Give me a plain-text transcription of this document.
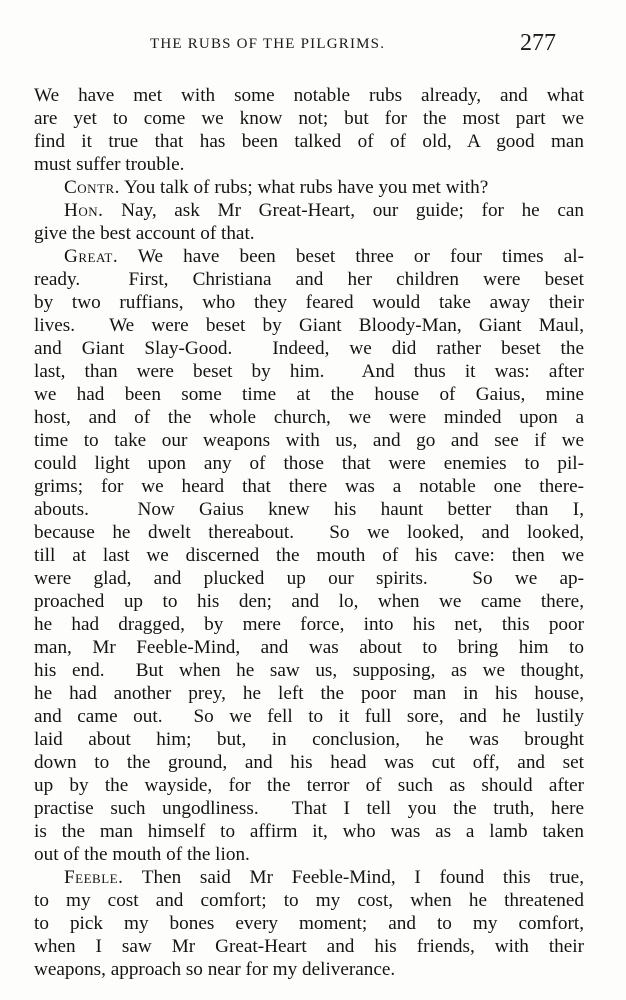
THE RUBS OF THE PILGRIMS.	277
We have met with some notable rubs already, and what
are yet to come we know not; but for the most part we
find it true that has been talked of of old, A good man
must suffer trouble.
Contr. You talk of rubs; what rubs have you met with?
Hon. Nay, ask Mr Great-Heart, our guide; for he can
give the best account of that.
Great. We have been beset three or four times al-
ready.  First, Christiana and her children were beset
by two ruffians, who they feared would take away their
lives.  We were beset by Giant Bloody-Man, Giant Maul,
and Giant Slay-Good.  Indeed, we did rather beset the
last, than were beset by him.  And thus it was: after
we had been some time at the house of Gaius, mine
host, and of the whole church, we were minded upon a
time to take our weapons with us, and go and see if we
could light upon any of those that were enemies to pil-
grims; for we heard that there was a notable one there-
abouts.  Now Gaius knew his haunt better than I,
because he dwelt thereabout.  So we looked, and looked,
till at last we discerned the mouth of his cave: then we
were glad, and plucked up our spirits.  So we ap-
proached up to his den; and lo, when we came there,
he had dragged, by mere force, into his net, this poor
man, Mr Feeble-Mind, and was about to bring him to
his end.  But when he saw us, supposing, as we thought,
he had another prey, he left the poor man in his house,
and came out.  So we fell to it full sore, and he lustily
laid about him; but, in conclusion, he was brought
down to the ground, and his head was cut off, and set
up by the wayside, for the terror of such as should after
practise such ungodliness.  That I tell you the truth, here
is the man himself to affirm it, who was as a lamb taken
out of the mouth of the lion.
Feeble. Then said Mr Feeble-Mind, I found this true,
to my cost and comfort; to my cost, when he threatened
to pick my bones every moment; and to my comfort,
when I saw Mr Great-Heart and his friends, with their
weapons, approach so near for my deliverance.
